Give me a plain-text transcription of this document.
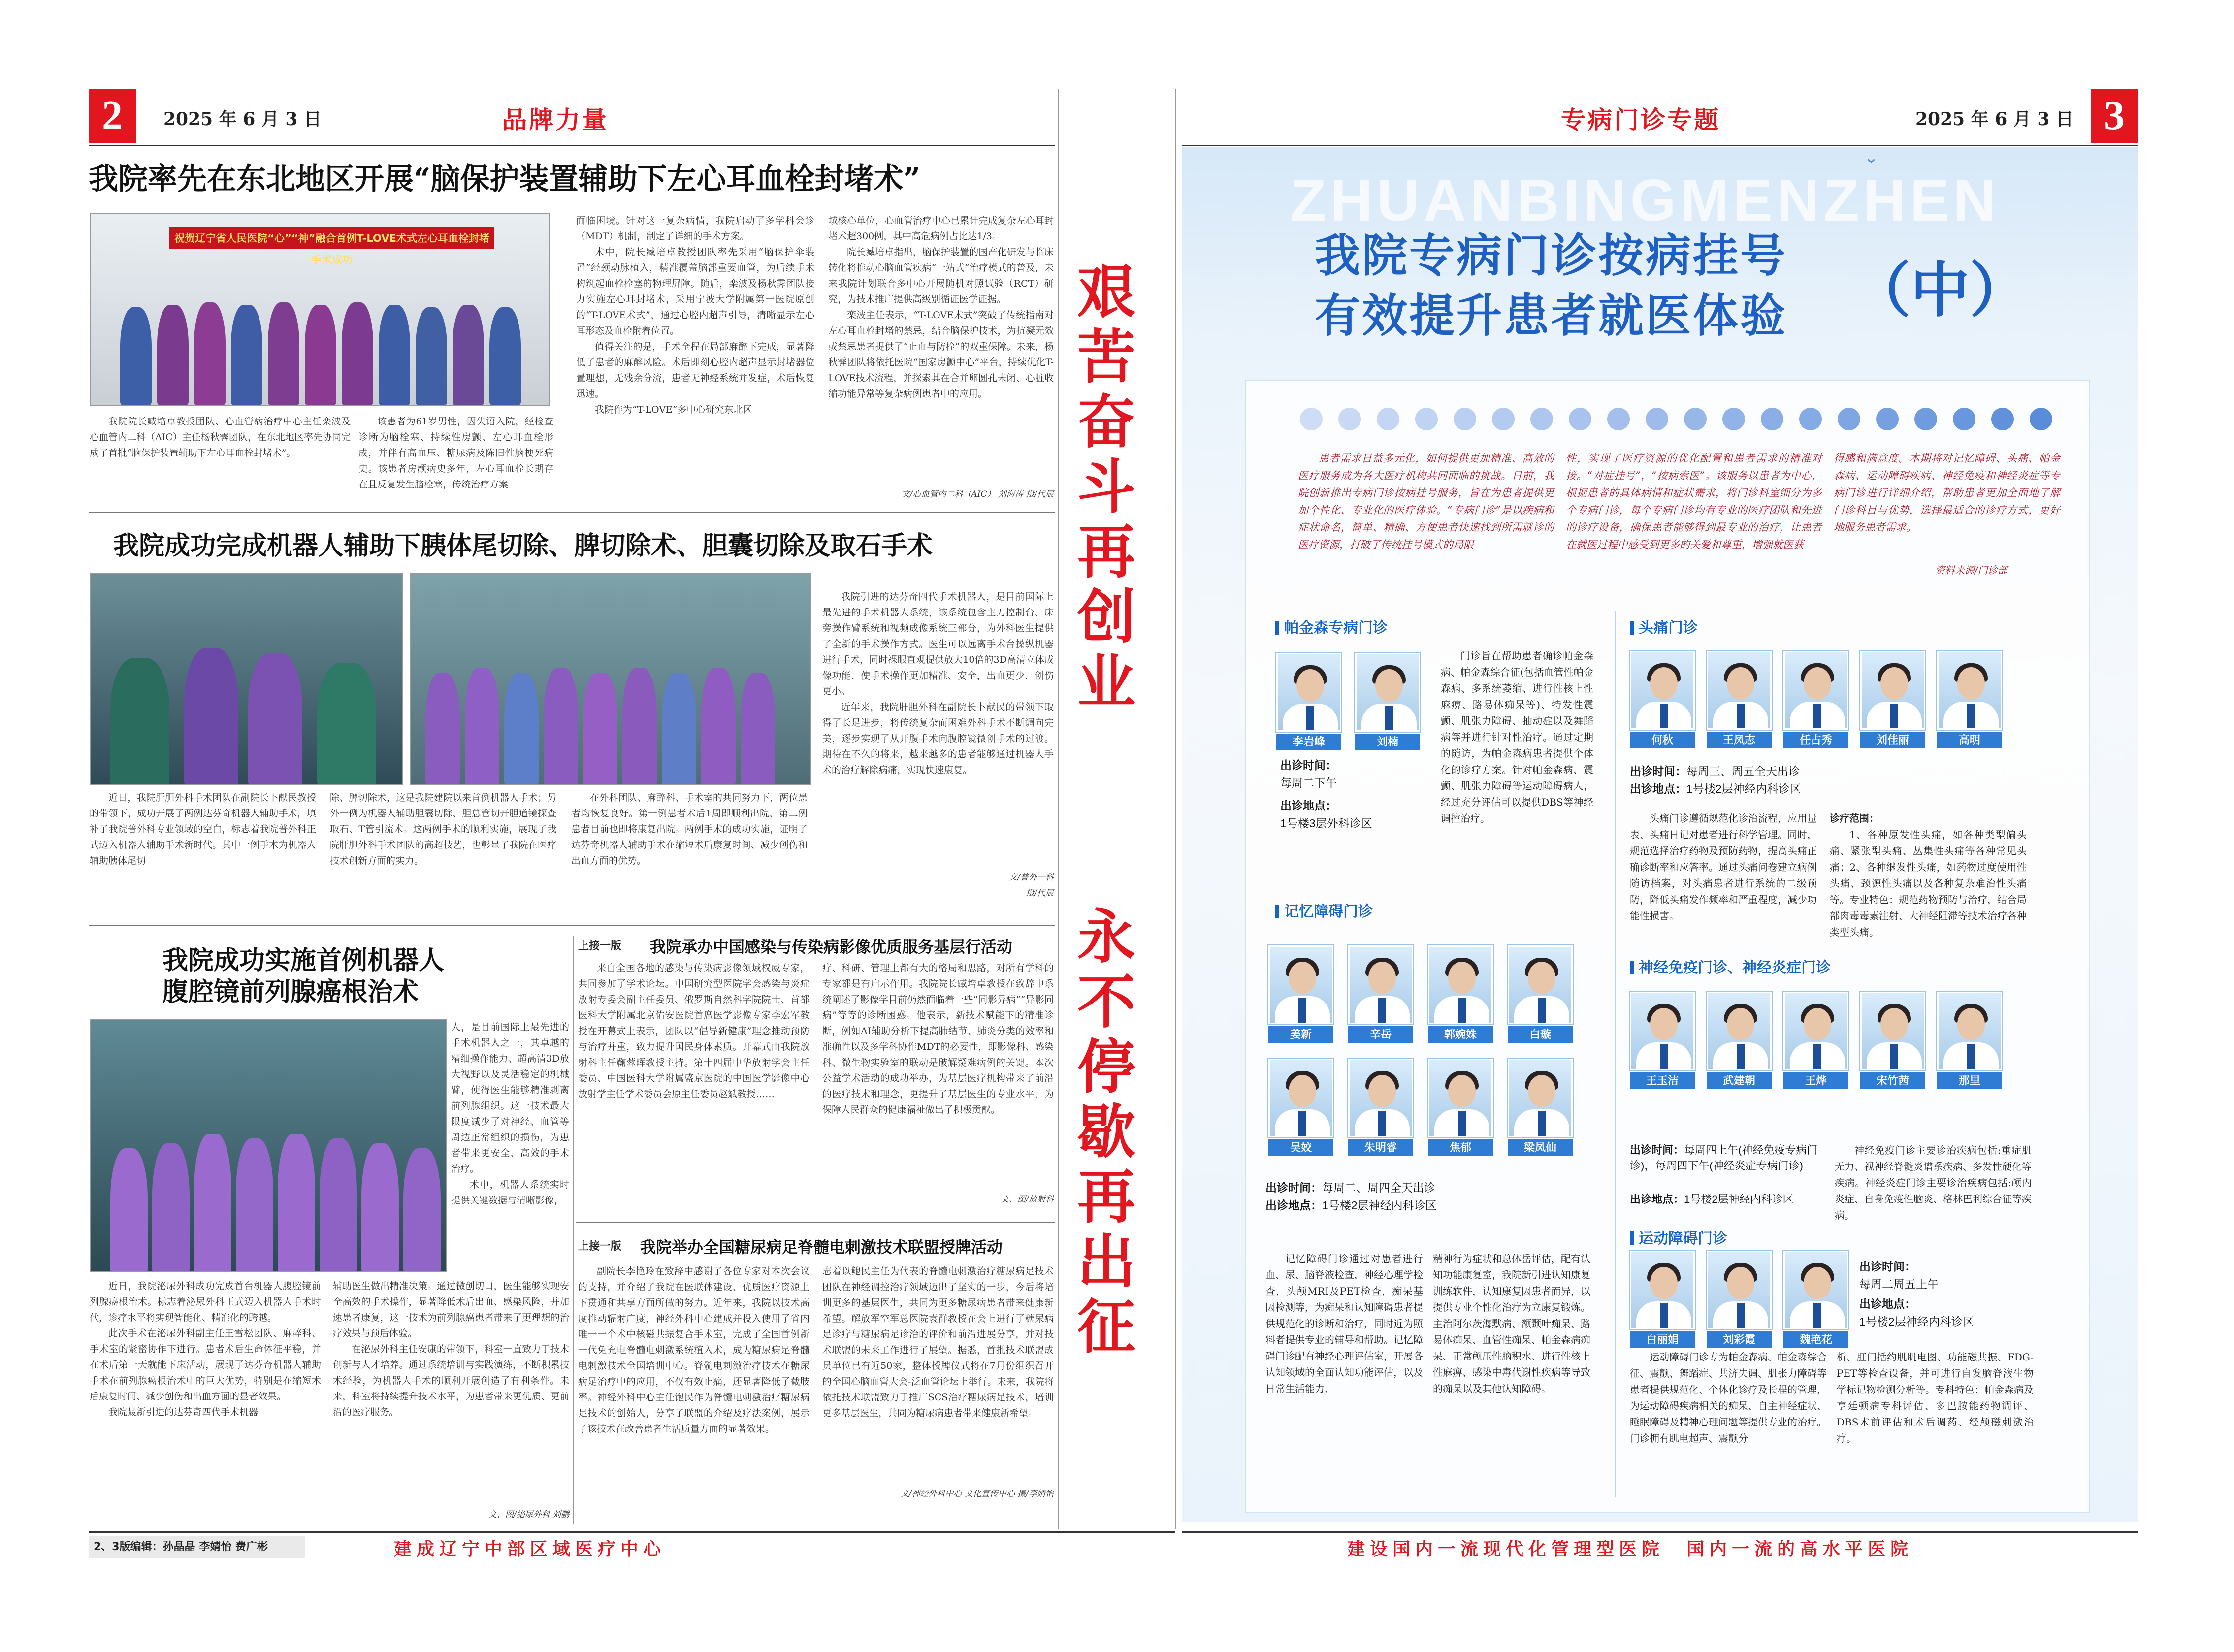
2	2025 年 6 月 3 日	品牌力量
我院率先在东北地区开展“脑保护装置辅助下左心耳血栓封堵术”
祝贺辽宁省人民医院“心”“神”融合首例T-LOVE术式左心耳血栓封堵手术成功
我院院长臧培卓教授团队、心血管病治疗中心主任栾波及心血管内二科（AIC）主任杨秋霁团队，在东北地区率先协同完成了首批“脑保护装置辅助下左心耳血栓封堵术”。

该患者为61岁男性，因失语入院，经检查诊断为脑栓塞、持续性房颤、左心耳血栓形成，并伴有高血压、糖尿病及陈旧性脑梗死病史。该患者房颤病史多年，左心耳血栓长期存在且反复发生脑栓塞，传统治疗方案

面临困境。针对这一复杂病情，我院启动了多学科会诊（MDT）机制，制定了详细的手术方案。

术中，院长臧培卓教授团队率先采用“脑保护伞装置”经颈动脉植入，精准覆盖脑部重要血管，为后续手术构筑起血栓栓塞的物理屏障。随后，栾波及杨秋霁团队接力实施左心耳封堵术，采用宁波大学附属第一医院原创的“T-LOVE术式”，通过心腔内超声引导，清晰显示左心耳形态及血栓附着位置。

值得关注的是，手术全程在局部麻醉下完成，显著降低了患者的麻醉风险。术后即刻心腔内超声显示封堵器位置理想，无残余分流，患者无神经系统并发症，术后恢复迅速。

我院作为“T-LOVE”多中心研究东北区

域核心单位，心血管治疗中心已累计完成复杂左心耳封堵术超300例，其中高危病例占比达1/3。

院长臧培卓指出，脑保护装置的国产化研发与临床转化将推动心脑血管疾病“一站式”治疗模式的普及，未来我院计划联合多中心开展随机对照试验（RCT）研究，为技术推广提供高级别循证医学证据。

栾波主任表示，“T-LOVE术式”突破了传统指南对左心耳血栓封堵的禁忌，结合脑保护技术，为抗凝无效或禁忌患者提供了“止血与防栓”的双重保障。未来，杨秋霁团队将依托医院“国家房颤中心”平台，持续优化T-LOVE技术流程，并探索其在合并卵圆孔未闭、心脏收缩功能异常等复杂病例患者中的应用。

文/心血管内二科（AIC） 刘海涛 摄/代辰
我院成功完成机器人辅助下胰体尾切除、脾切除术、胆囊切除及取石手术

我院引进的达芬奇四代手术机器人，是目前国际上最先进的手术机器人系统，该系统包含主刀控制台、床旁操作臂系统和视频成像系统三部分，为外科医生提供了全新的手术操作方式。医生可以远离手术台操纵机器进行手术，同时裸眼直观提供放大10倍的3D高清立体成像功能，使手术操作更加精准、安全，出血更少，创伤更小。

近年来，我院肝胆外科在副院长卜献民的带领下取得了长足进步，将传统复杂而困难外科手术不断调向完美，逐步实现了从开腹手术向腹腔镜微创手术的过渡。期待在不久的将来，越来越多的患者能够通过机器人手术的治疗解除病痛，实现快速康复。

近日，我院肝胆外科手术团队在副院长卜献民教授的带领下，成功开展了两例达芬奇机器人辅助手术，填补了我院普外科专业领域的空白，标志着我院普外科正式迈入机器人辅助手术新时代。其中一例手术为机器人辅助胰体尾切

除、脾切除术，这是我院建院以来首例机器人手术；另外一例为机器人辅助胆囊切除、胆总管切开胆道镜探查取石、T管引流术。这两例手术的顺利实施，展现了我院肝胆外科手术团队的高超技艺，也彰显了我院在医疗技术创新方面的实力。

在外科团队、麻醉科、手术室的共同努力下，两位患者均恢复良好。第一例患者术后1周即顺利出院，第二例患者目前也即将康复出院。两例手术的成功实施，证明了达芬奇机器人辅助手术在缩短术后康复时间、减少创伤和出血方面的优势。

文/普外一科
摄/代辰
我院成功实施首例机器人
腹腔镜前列腺癌根治术

人，是目前国际上最先进的手术机器人之一，其卓越的精细操作能力、超高清3D放大视野以及灵活稳定的机械臂，使得医生能够精准剥离前列腺组织。这一技术最大限度减少了对神经、血管等周边正常组织的损伤，为患者带来更安全、高效的手术治疗。

术中，机器人系统实时提供关键数据与清晰影像，

近日，我院泌尿外科成功完成首台机器人腹腔镜前列腺癌根治术。标志着泌尿外科正式迈入机器人手术时代，诊疗水平将实现智能化、精准化的跨越。

此次手术在泌尿外科副主任王雪松团队、麻醉科、手术室的紧密协作下进行。患者术后生命体征平稳，并在术后第一天就能下床活动，展现了达芬奇机器人辅助手术在前列腺癌根治术中的巨大优势，特别是在缩短术后康复时间、减少创伤和出血方面的显著效果。

我院最新引进的达芬奇四代手术机器

辅助医生做出精准决策。通过微创切口，医生能够实现安全高效的手术操作，显著降低术后出血、感染风险，并加速患者康复，这一技术为前列腺癌患者带来了更理想的治疗效果与预后体验。

在泌尿外科主任安康的带领下，科室一直致力于技术创新与人才培养。通过系统培训与实践演练，不断积累技术经验，为机器人手术的顺利开展创造了有利条件。未来，科室将持续提升技术水平，为患者带来更优质、更前沿的医疗服务。

文、图/泌尿外科 刘鹏
上接一版 我院承办中国感染与传染病影像优质服务基层行活动

来自全国各地的感染与传染病影像领域权威专家，共同参加了学术论坛。中国研究型医院学会感染与炎症放射专委会副主任委员、俄罗斯自然科学院院士、首都医科大学附属北京佑安医院首席医学影像专家李宏军教授在开幕式上表示，团队以“倡导新健康”理念推动预防与治疗并重，致力提升国民身体素质。开幕式由我院放射科主任鞠蓉晖教授主持。第十四届中华放射学会主任委员、中国医科大学附属盛京医院的中国医学影像中心放射学主任学术委员会原主任委员赵斌教授……

疗、科研、管理上都有大的格局和思路，对所有学科的专家都是有启示作用。我院院长臧培卓教授在致辞中系统阐述了影像学目前仍然面临着一些“同影异病”“异影同病”等等的诊断困惑。他表示，新技术赋能下的精准诊断，例如AI辅助分析下提高肺结节、肺炎分类的效率和准确性以及多学科协作MDT的必要性，即影像科、感染科、微生物实验室的联动是破解疑难病例的关键。本次公益学术活动的成功举办，为基层医疗机构带来了前沿的医疗技术和理念，更提升了基层医生的专业水平，为保障人民群众的健康福祉做出了积极贡献。

文、图/放射科
上接一版 我院举办全国糖尿病足脊髓电刺激技术联盟授牌活动

副院长李艳玲在致辞中感谢了各位专家对本次会议的支持，并介绍了我院在医联体建设、优质医疗资源上下贯通和共享方面所做的努力。近年来，我院以技术高度推动辐射广度，神经外科中心建成并投入使用了省内唯一一个术中核磁共振复合手术室，完成了全国首例新一代免充电脊髓电刺激系统植入术，成为糖尿病足脊髓电刺激技术全国培训中心。脊髓电刺激治疗技术在糖尿病足治疗中的应用，不仅有效止痛，还显著降低了截肢率。神经外科中心主任饱民作为脊髓电刺激治疗糖尿病足技术的创始人，分享了联盟的介绍及疗法案例，展示了该技术在改善患者生活质量方面的显著效果。

志着以鲍民主任为代表的脊髓电刺激治疗糖尿病足技术团队在神经调控治疗领域迈出了坚实的一步，今后将培训更多的基层医生，共同为更多糖尿病患者带来健康新希望。解放军空军总医院袁群教授在会上进行了糖尿病足诊疗与糖尿病足诊治的评价和前沿进展分享，并对技术联盟的未来工作进行了展望。据悉，首批技术联盟成员单位已有近50家，整体授牌仪式将在7月份组织召开的全国心脑血管大会-泛血管论坛上举行。未来，我院将依托技术联盟致力于推广SCS治疗糖尿病足技术，培训更多基层医生，共同为糖尿病患者带来健康新希望。

文/神经外科中心 文化宣传中心 摄/李婧怡
艰苦奋斗再创业
永不停歇再出征
2、3版编辑：孙晶晶 李婧怡 费广彬	建成辽宁中部区域医疗中心
专病门诊专题	2025 年 6 月 3 日 3
ZHUANBINGMENZHEN
⌄
我院专病门诊按病挂号
有效提升患者就医体验 （中）

患者需求日益多元化，如何提供更加精准、高效的医疗服务成为各大医疗机构共同面临的挑战。日前，我院创新推出专病门诊按病挂号服务，旨在为患者提供更加个性化、专业化的医疗体验。“专病门诊”是以疾病和症状命名，简单、精确、方便患者快速找到所需就诊的医疗资源，打破了传统挂号模式的局限

性，实现了医疗资源的优化配置和患者需求的精准对接。“对症挂号”，“按病索医”。该服务以患者为中心，根据患者的具体病情和症状需求，将门诊科室细分为多个专病门诊，每个专病门诊均有专业的医疗团队和先进的诊疗设备，确保患者能够得到最专业的治疗，让患者在就医过程中感受到更多的关爱和尊重，增强就医获

得感和满意度。本期将对记忆障碍、头痛、帕金森病、运动障碍疾病、神经免疫和神经炎症等专病门诊进行详细介绍，帮助患者更加全面地了解门诊科目与优势，选择最适合的诊疗方式，更好地服务患者需求。

资料来源/门诊部
帕金森专病门诊
李岩峰	刘楠
出诊时间：
每周二下午
出诊地点：
1号楼3层外科诊区

门诊旨在帮助患者确诊帕金森病、帕金森综合征(包括血管性帕金森病、多系统萎缩、进行性核上性麻痹、路易体痴呆等)、特发性震颤、肌张力障碍、抽动症以及舞蹈病等并进行针对性治疗。通过定期的随访，为帕金森病患者提供个体化的诊疗方案。针对帕金森病、震颤、肌张力障碍等运动障碍病人，经过充分评估可以提供DBS等神经调控治疗。

头痛门诊
何秋	王凤志	任占秀	刘佳丽	高明
出诊时间：每周三、周五全天出诊
出诊地点：1号楼2层神经内科诊区

头痛门诊遵循规范化诊治流程，应用量表、头痛日记对患者进行科学管理。同时，规范选择治疗药物及预防药物，提高头痛正确诊断率和应答率。通过头痛问卷建立病例随访档案，对头痛患者进行系统的二级预防，降低头痛发作频率和严重程度，减少功能性损害。

诊疗范围：

1、各种原发性头痛，如各种类型偏头痛、紧张型头痛、丛集性头痛等各种常见头痛；2、各种继发性头痛，如药物过度使用性头痛、颈源性头痛以及各种复杂难治性头痛等。专业特色：规范药物预防与治疗，结合局部肉毒毒素注射、大神经阻滞等技术治疗各种类型头痛。

记忆障碍门诊
姜新	辛岳	郭婉姝	白璇
吴姣	朱明睿	焦郁	梁凤仙
出诊时间：每周二、周四全天出诊
出诊地点：1号楼2层神经内科诊区

记忆障碍门诊通过对患者进行血、尿、脑脊液检查，神经心理学检查，头颅MRI及PET检查，痴呆基因检测等，为痴呆和认知障碍患者提供规范化的诊断和治疗，同时近为照料者提供专业的辅导和帮助。记忆障碍门诊配有神经心理评估室，开展各认知领域的全面认知功能评估，以及日常生活能力、

精神行为症状和总体岳评估，配有认知功能康复室，我院新引进认知康复训练软件，认知康复因患者而异，以提供专业个性化治疗为立康复锻炼。主治阿尔茨海默病、额颞叶痴呆、路易体痴呆、血管性痴呆、帕金森病痴呆、正常颅压性脑积水、进行性核上性麻痹、感染中毒代谢性疾病等导致的痴呆以及其他认知障碍。

神经免疫门诊、神经炎症门诊
王玉洁	武建朝	王烨	宋竹茜	那里
出诊时间：每周四上午(神经免疫专病门诊)，每周四下午(神经炎症专病门诊)
出诊地点：1号楼2层神经内科诊区

神经免疫门诊主要诊治疾病包括:重症肌无力、视神经脊髓炎谱系疾病、多发性硬化等疾病。神经炎症门诊主要诊治疾病包括:颅内炎症、自身免疫性脑炎、格林巴利综合征等疾病。

运动障碍门诊
白丽娟	刘彩霞	魏艳花
出诊时间：
每周二周五上午
出诊地点：
1号楼2层神经内科诊区

运动障碍门诊专为帕金森病、帕金森综合征、震颤、舞蹈症、共济失调、肌张力障碍等患者提供规范化、个体化诊疗及长程的管理，为运动障碍疾病相关的痴呆、自主神经症状、睡眠障碍及精神心理问题等提供专业的治疗。门诊拥有肌电超声、震颤分

析、肛门括约肌肌电图、功能磁共振、FDG-PET等检查设备，并可进行自发脑脊液生物学标记物检测分析等。专科特色：帕金森病及亨廷顿病专科评估、多巴胺能药物调评、DBS术前评估和术后调药、经颅磁刺激治疗。

建设国内一流现代化管理型医院  国内一流的高水平医院
